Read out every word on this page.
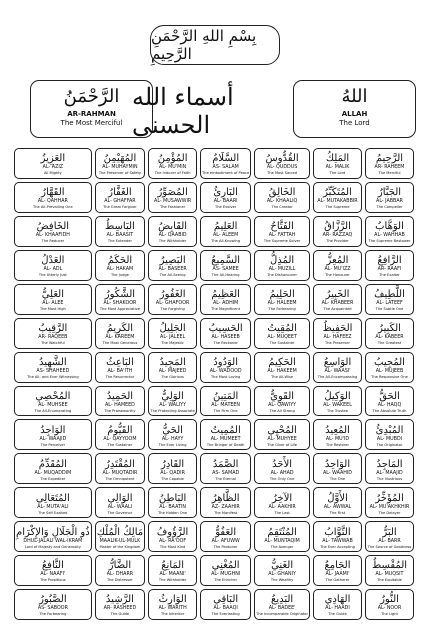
بِسْمِ اللهِ الرَّحْمَنِ الرَّحِيمِ
الرَّحْمَنُ
AR-RAHMAN
The Most Merciful
أسماء الله الحسنى
اللهُ
ALLAH
The Lord
العَزِيزُ
AL- AZIZ
All Mighty
المُهَيْمِنُ
AL- MUHAYMIN
The Preserver of Safety
المُؤْمِنُ
AL- MU'MIN
The Inducer of Faith
السَّلَامُ
AS- SALAM
The embodiment of Peace
القُدُّوسُ
AL- QUDDUS
The Most Sacred
المَلِكُ
AL- MALIK
The Lord
الرَّحِيمُ
AR- RAHEEM
The Merciful
القَهَّارُ
AL- QAHHAR
The All-Prevailing One
الغَفَّارُ
AL- GHAFFAR
The Great Forgiver
المُصَوِّرُ
AL- MUSAWWIR
The Fashioner
البَارِئُ
AL- BAARI
The Evolver
الخَالِقُ
AL- KHAALIQ
The Creator
المُتَكَبِّرُ
AL- MUTAKABBIR
The Supreme
الجَبَّارُ
AL- JABBAR
The Compeller
الخَافِضُ
AL- KHAAFIDH
The Reducer
البَاسِطُ
AL- BAASIT
The Extender
القَابِضُ
AL- QAABID
The Withholder
العَلِيمُ
AL- ALEEM
The All-Knowing
الفَتَّاحُ
AL- FATTAH
The Supreme Solver
الرَّزَّاقُ
AR- RAZZAQ
The Provider
الوَهَّابُ
AL- WAHHAB
The Supreme Bestower
العَدْلُ
AL- ADL
The Utterly Just
الحَكَمُ
AL- HAKAM
The Judge
البَصِيرُ
AL- BASEER
The All-Seeing
السَّمِيعُ
AS- SAMEE
The All-Hearing
المُذِلُّ
AL- MUZILL
The Dishonourer
المُعِزُّ
AL- MU'IZZ
The Honourer
الرَّافِعُ
AR- RAAFI
The Exalter
العَلِيُّ
AL- ALEE
The Most High
الشَّكُورُ
AL- SHAKOOR
The Most Appreciative
الغَفُورُ
AL- GHAFOOR
The Forgiving
العَظِيمُ
AL- ADHIM
The Magnificent
الحَلِيمُ
AL- HALEEM
The Forbearing
الخَبِيرُ
AL- KHABEER
The Acquainted
اللَّطِيفُ
AL- LATEEF
The Subtle One
الرَّقِيبُ
AR- RAQEEB
The Watchful
الكَرِيمُ
AL- KAREEM
The Most Generous
الجَلِيلُ
AL- JALEEL
The Majestic
الحَسِيبُ
AL- HASEEB
The Reckoner
المُقِيتُ
AL- MUQEET
The Sustainer
الحَفِيظُ
AL- HAFEEZ
The Preserver
الكَبِيرُ
AL- KABEER
The Greatest
الشَّهِيدُ
AS- SHAHEED
The All- and Ever Witnessing
البَاعِثُ
AL- BA'ITH
The Resurrector
المَجِيدُ
AL- MAJEED
The Glorious
الوَدُودُ
AL- WADOOD
The Most Loving
الحَكِيمُ
AL- HAKEEM
The All-Wise
الوَاسِعُ
AL- WAASI'
The All-Encompassing
المُجِيبُ
AL- MUJEEB
The Responsive One
المُحْصِي
AL- MUHSEE
The All-Enumerating
الحَمِيدُ
AL- HAMEED
The Praiseworthy
الوَلِيُّ
AL- WALIYY
The Protecting Associate
المَتِينُ
AL- MATEEN
The Firm One
القَوِيُّ
AL- QAWIYY
The All Strong
الوَكِيلُ
AL- WAKEEL
The Trustee
الحَقُّ
AL- HAQQ
The Absolute Truth
الوَاجِدُ
AL- WAAJID
The Perceiver
القَيُّومُ
AL- QAYYOOM
The Sustainer
الحَيُّ
AL- HAYY
The Ever Living
المُمِيتُ
AL- MUMEET
The Bringer of Death
المُحْيِي
AL- MUHYEE
The Giver of Life
المُعِيدُ
AL- MU'ID
The Restorer
المُبْدِئُ
AL- MUBDI
The Originator
المُقَدِّمُ
AL- MUQADDIM
The Expediter
المُقْتَدِرُ
AL- MUQTADIR
The Omnipotent
القَادِرُ
AL- QADIR
The Capable
الصَّمَدُ
AS- SAMAD
The Eternal
الأَحَدُ
AL- AHAD
The Only One
الوَاحِدُ
AL- WAAHID
The One
المَاجِدُ
AL- MAAJID
The Illustrious
المُتَعَالِي
AL- MUTA'ALI
The Self Exalted
الوَالِي
AL- WAALI
The Governor
البَاطِنُ
AL- BAATIN
The Hidden One
الظَّاهِرُ
AZ- ZAAHIR
The Manifest
الآخِرُ
AL- AAKHIR
The Last
الأَوَّلُ
AL- AWWAL
The First
المُؤَخِّرُ
AL- MU'AKHKHIR
The Delayer
ذُو الْجَلَالِ وَالإِكْرَامِ
DHUL-JALALI WAL-IKRAM
Lord of Majesty and Generosity
مَالِكُ الْمُلْكِ
MAALIK-UL-MULK
Master of the Kingdom
الرَّؤُوفُ
AL- RA'OOF
The Most Kind
العَفُوُّ
AL- AFUWW
The Pardoner
المُنْتَقِمُ
AL- MUNTAQIM
The Avenger
التَّوَّابُ
AL- TAWWAB
The Ever Accepting
البَرُّ
AL- BARR
The Source of Goodness
النَّافِعُ
AL- NAAFI'
The Propitious
الضَّارُّ
AL- DHARR
The Distresser
المَانِعُ
AL- MAANI'
The Withholder
المُغْنِي
AL- MUGHNI
The Enricher
الغَنِيُّ
AL- GHANIY
The Wealthy
الجَامِعُ
AL- JAAMI'
The Gatherer
المُقْسِطُ
AL- MUQSIT
The Equitable
الصَّبُورُ
AS- SABOOR
The Forbearing
الرَّشِيدُ
AR- RASHEED
The Guide
الوَارِثُ
AL- WARITH
The Inheritor
البَاقِي
AL- BAAQI
The Everlasting
البَدِيعُ
AL- BADEE'
The Incomparable Originator
الهَادِي
AL- HAADI
The Guide
النُّورُ
AL- NOOR
The Light
